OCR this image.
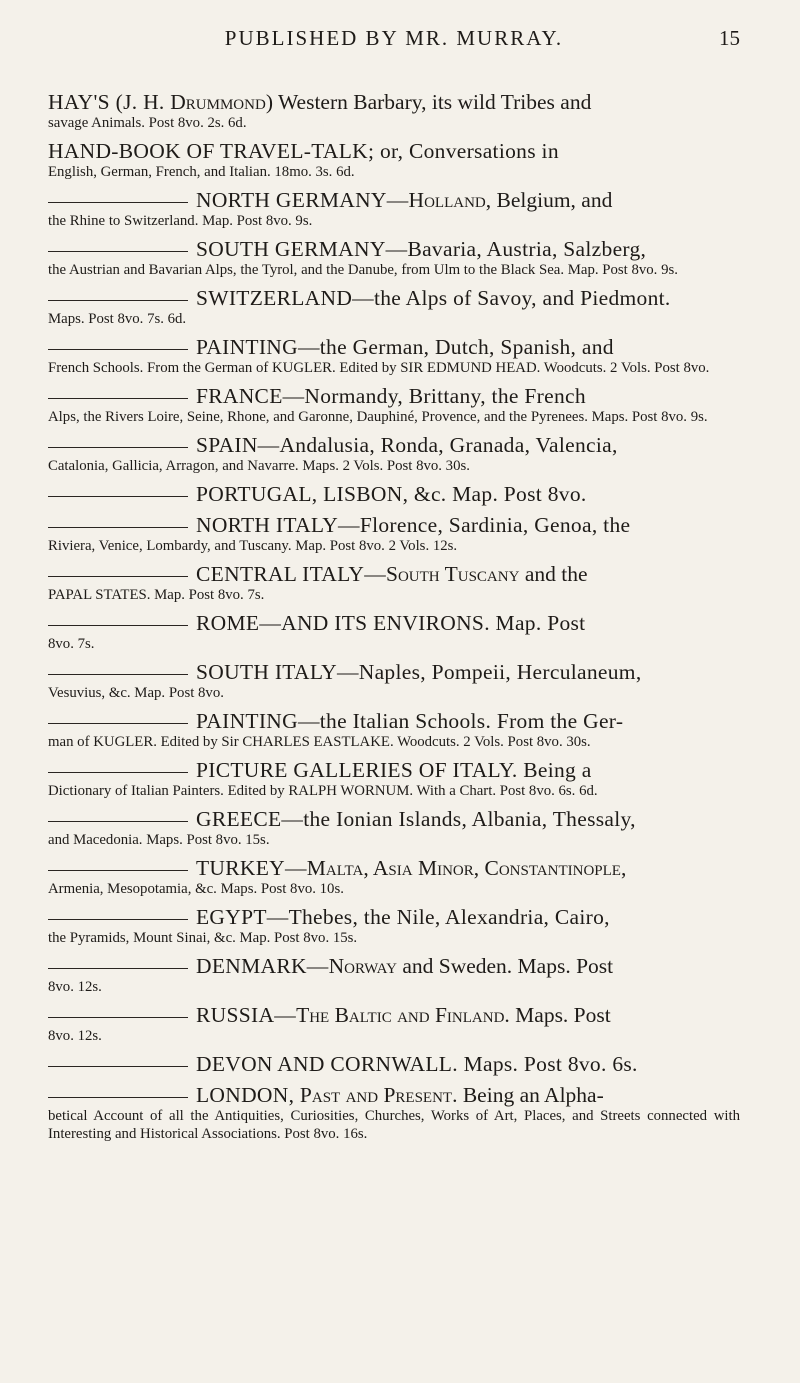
PUBLISHED BY MR. MURRAY.	15
HAY'S (J. H. Drummond) Western Barbary, its wild Tribes and
savage Animals. Post 8vo. 2s. 6d.
HAND-BOOK OF TRAVEL-TALK; or, Conversations in
English, German, French, and Italian. 18mo. 3s. 6d.
NORTH GERMANY—Holland, Belgium, and
the Rhine to Switzerland. Map. Post 8vo. 9s.
SOUTH GERMANY—Bavaria, Austria, Salzberg,
the Austrian and Bavarian Alps, the Tyrol, and the Danube, from Ulm to the Black Sea. Map. Post 8vo. 9s.
SWITZERLAND—the Alps of Savoy, and Piedmont.
Maps. Post 8vo. 7s. 6d.
PAINTING—the German, Dutch, Spanish, and
French Schools. From the German of KUGLER. Edited by SIR EDMUND HEAD. Woodcuts. 2 Vols. Post 8vo.
FRANCE—Normandy, Brittany, the French
Alps, the Rivers Loire, Seine, Rhone, and Garonne, Dauphiné, Provence, and the Pyrenees. Maps. Post 8vo. 9s.
SPAIN—Andalusia, Ronda, Granada, Valencia,
Catalonia, Gallicia, Arragon, and Navarre. Maps. 2 Vols. Post 8vo. 30s.
PORTUGAL, LISBON, &c. Map. Post 8vo.
NORTH ITALY—Florence, Sardinia, Genoa, the
Riviera, Venice, Lombardy, and Tuscany. Map. Post 8vo. 2 Vols. 12s.
CENTRAL ITALY—South Tuscany and the
PAPAL STATES. Map. Post 8vo. 7s.
ROME—AND ITS ENVIRONS. Map. Post
8vo. 7s.
SOUTH ITALY—Naples, Pompeii, Herculaneum,
Vesuvius, &c. Map. Post 8vo.
PAINTING—the Italian Schools. From the Ger-
man of KUGLER. Edited by Sir CHARLES EASTLAKE. Woodcuts. 2 Vols. Post 8vo. 30s.
PICTURE GALLERIES OF ITALY. Being a
Dictionary of Italian Painters. Edited by RALPH WORNUM. With a Chart. Post 8vo. 6s. 6d.
GREECE—the Ionian Islands, Albania, Thessaly,
and Macedonia. Maps. Post 8vo. 15s.
TURKEY—Malta, Asia Minor, Constantinople,
Armenia, Mesopotamia, &c. Maps. Post 8vo. 10s.
EGYPT—Thebes, the Nile, Alexandria, Cairo,
the Pyramids, Mount Sinai, &c. Map. Post 8vo. 15s.
DENMARK—Norway and Sweden. Maps. Post
8vo. 12s.
RUSSIA—The Baltic and Finland. Maps. Post
8vo. 12s.
DEVON AND CORNWALL. Maps. Post 8vo. 6s.
LONDON, Past and Present. Being an Alpha-
betical Account of all the Antiquities, Curiosities, Churches, Works of Art, Places, and Streets connected with Interesting and Historical Associations. Post 8vo. 16s.
